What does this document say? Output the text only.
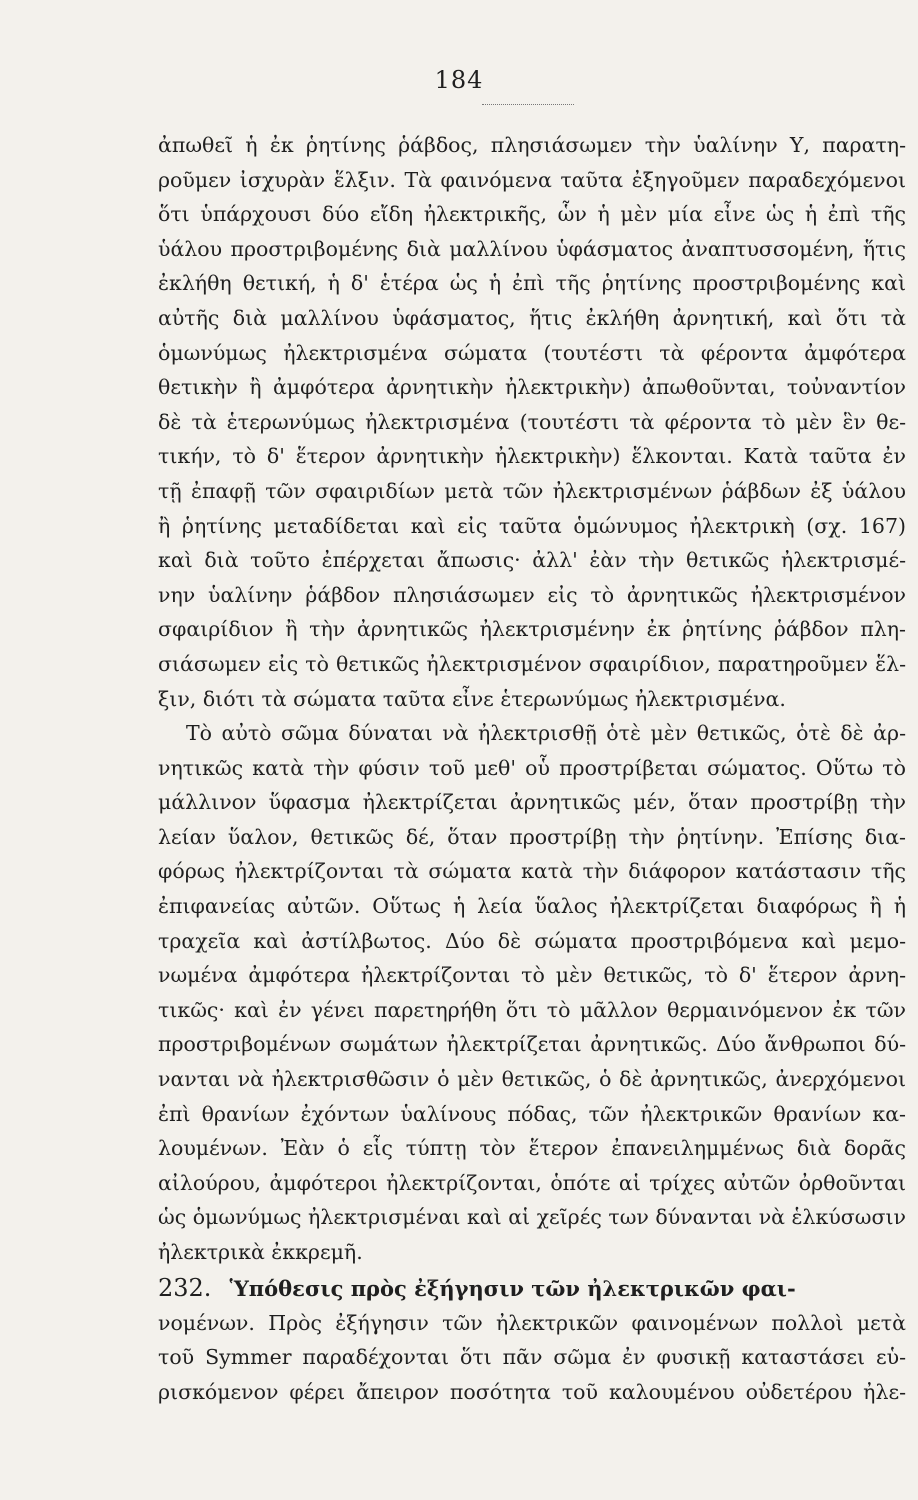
184
ἀπωθεῖ ἡ ἐκ ῥητίνης ῥάβδος, πλησιάσωμεν τὴν ὑαλίνην Υ, παρατη-
ροῦμεν ἰσχυρὰν ἕλξιν. Τὰ φαινόμενα ταῦτα ἐξηγοῦμεν παραδεχόμενοι
ὅτι ὑπάρχουσι δύο εἴδη ἠλεκτρικῆς, ὧν ἡ μὲν μία εἶνε ὡς ἡ ἐπὶ τῆς
ὑάλου προστριβομένης διὰ μαλλίνου ὑφάσματος ἀναπτυσσομένη, ἥτις
ἐκλήθη θετική, ἡ δ' ἑτέρα ὡς ἡ ἐπὶ τῆς ῥητίνης προστριβομένης καὶ
αὐτῆς διὰ μαλλίνου ὑφάσματος, ἥτις ἐκλήθη ἀρνητική, καὶ ὅτι τὰ
ὁμωνύμως ἠλεκτρισμένα σώματα (τουτέστι τὰ φέροντα ἀμφότερα
θετικὴν ἢ ἀμφότερα ἀρνητικὴν ἠλεκτρικὴν) ἀπωθοῦνται, τοὐναντίον
δὲ τὰ ἑτερωνύμως ἠλεκτρισμένα (τουτέστι τὰ φέροντα τὸ μὲν ἓν θε-
τικήν, τὸ δ' ἕτερον ἀρνητικὴν ἠλεκτρικὴν) ἕλκονται. Κατὰ ταῦτα ἐν
τῇ ἐπαφῇ τῶν σφαιριδίων μετὰ τῶν ἠλεκτρισμένων ῥάβδων ἐξ ὑάλου
ἢ ῥητίνης μεταδίδεται καὶ εἰς ταῦτα ὁμώνυμος ἠλεκτρικὴ (σχ. 167)
καὶ διὰ τοῦτο ἐπέρχεται ἄπωσις· ἀλλ' ἐὰν τὴν θετικῶς ἠλεκτρισμέ-
νην ὑαλίνην ῥάβδον πλησιάσωμεν εἰς τὸ ἀρνητικῶς ἠλεκτρισμένον
σφαιρίδιον ἢ τὴν ἀρνητικῶς ἠλεκτρισμένην ἐκ ῥητίνης ῥάβδον πλη-
σιάσωμεν εἰς τὸ θετικῶς ἠλεκτρισμένον σφαιρίδιον, παρατηροῦμεν ἕλ-
ξιν, διότι τὰ σώματα ταῦτα εἶνε ἑτερωνύμως ἠλεκτρισμένα.
Τὸ αὐτὸ σῶμα δύναται νὰ ἠλεκτρισθῇ ὁτὲ μὲν θετικῶς, ὁτὲ δὲ ἀρ-
νητικῶς κατὰ τὴν φύσιν τοῦ μεθ' οὗ προστρίβεται σώματος. Οὕτω τὸ
μάλλινον ὕφασμα ἠλεκτρίζεται ἀρνητικῶς μέν, ὅταν προστρίβῃ τὴν
λείαν ὕαλον, θετικῶς δέ, ὅταν προστρίβῃ τὴν ῥητίνην. Ἐπίσης δια-
φόρως ἠλεκτρίζονται τὰ σώματα κατὰ τὴν διάφορον κατάστασιν τῆς
ἐπιφανείας αὐτῶν. Οὕτως ἡ λεία ὕαλος ἠλεκτρίζεται διαφόρως ἢ ἡ
τραχεῖα καὶ ἀστίλβωτος. Δύο δὲ σώματα προστριβόμενα καὶ μεμο-
νωμένα ἀμφότερα ἠλεκτρίζονται τὸ μὲν θετικῶς, τὸ δ' ἕτερον ἀρνη-
τικῶς· καὶ ἐν γένει παρετηρήθη ὅτι τὸ μᾶλλον θερμαινόμενον ἐκ τῶν
προστριβομένων σωμάτων ἠλεκτρίζεται ἀρνητικῶς. Δύο ἄνθρωποι δύ-
νανται νὰ ἠλεκτρισθῶσιν ὁ μὲν θετικῶς, ὁ δὲ ἀρνητικῶς, ἀνερχόμενοι
ἐπὶ θρανίων ἐχόντων ὑαλίνους πόδας, τῶν ἠλεκτρικῶν θρανίων κα-
λουμένων. Ἐὰν ὁ εἷς τύπτῃ τὸν ἕτερον ἐπανειλημμένως διὰ δορᾶς
αἰλούρου, ἀμφότεροι ἠλεκτρίζονται, ὁπότε αἱ τρίχες αὐτῶν ὀρθοῦνται
ὡς ὁμωνύμως ἠλεκτρισμέναι καὶ αἱ χεῖρές των δύνανται νὰ ἑλκύσωσιν
ἠλεκτρικὰ ἐκκρεμῆ.
232. Ὑπόθεσις πρὸς ἐξήγησιν τῶν ἠλεκτρικῶν φαι-
νομένων. Πρὸς ἐξήγησιν τῶν ἠλεκτρικῶν φαινομένων πολλοὶ μετὰ
τοῦ Symmer παραδέχονται ὅτι πᾶν σῶμα ἐν φυσικῇ καταστάσει εὑ-
ρισκόμενον φέρει ἄπειρον ποσότητα τοῦ καλουμένου οὐδετέρου ἠλε-
